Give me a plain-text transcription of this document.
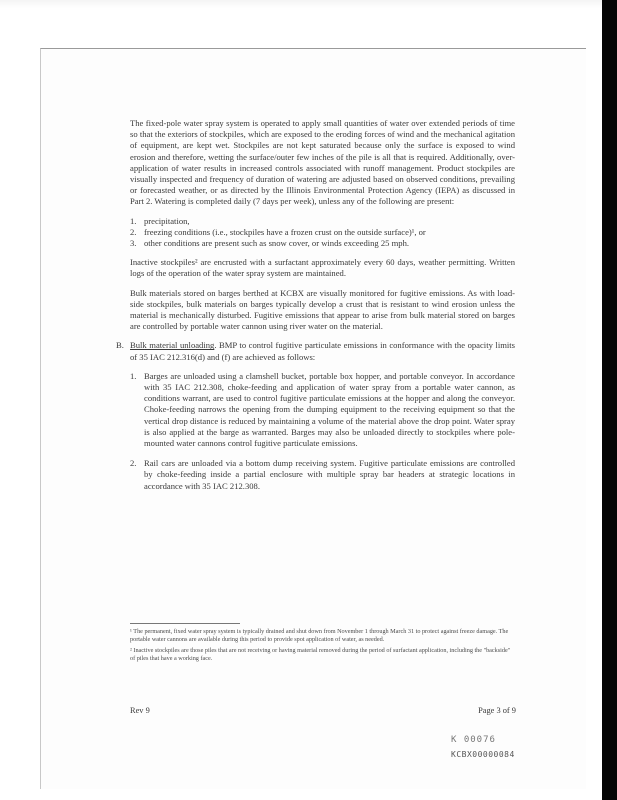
The fixed-pole water spray system is operated to apply small quantities of water over extended periods of time so that the exteriors of stockpiles, which are exposed to the eroding forces of wind and the mechanical agitation of equipment, are kept wet. Stockpiles are not kept saturated because only the surface is exposed to wind erosion and therefore, wetting the surface/outer few inches of the pile is all that is required. Additionally, over-application of water results in increased controls associated with runoff management. Product stockpiles are visually inspected and frequency of duration of watering are adjusted based on observed conditions, prevailing or forecasted weather, or as directed by the Illinois Environmental Protection Agency (IEPA) as discussed in Part 2. Watering is completed daily (7 days per week), unless any of the following are present:

1. precipitation,
2. freezing conditions (i.e., stockpiles have a frozen crust on the outside surface)¹, or
3. other conditions are present such as snow cover, or winds exceeding 25 mph.

Inactive stockpiles² are encrusted with a surfactant approximately every 60 days, weather permitting. Written logs of the operation of the water spray system are maintained.

Bulk materials stored on barges berthed at KCBX are visually monitored for fugitive emissions. As with load-side stockpiles, bulk materials on barges typically develop a crust that is resistant to wind erosion unless the material is mechanically disturbed. Fugitive emissions that appear to arise from bulk material stored on barges are controlled by portable water cannon using river water on the material.

B. Bulk material unloading. BMP to control fugitive particulate emissions in conformance with the opacity limits of 35 IAC 212.316(d) and (f) are achieved as follows:
1. Barges are unloaded using a clamshell bucket, portable box hopper, and portable conveyor. In accordance with 35 IAC 212.308, choke-feeding and application of water spray from a portable water cannon, as conditions warrant, are used to control fugitive particulate emissions at the hopper and along the conveyor. Choke-feeding narrows the opening from the dumping equipment to the receiving equipment so that the vertical drop distance is reduced by maintaining a volume of the material above the drop point. Water spray is also applied at the barge as warranted. Barges may also be unloaded directly to stockpiles where pole-mounted water cannons control fugitive particulate emissions.
2. Rail cars are unloaded via a bottom dump receiving system. Fugitive particulate emissions are controlled by choke-feeding inside a partial enclosure with multiple spray bar headers at strategic locations in accordance with 35 IAC 212.308.
¹ The permanent, fixed water spray system is typically drained and shut down from November 1 through March 31 to protect against freeze damage. The portable water cannons are available during this period to provide spot application of water, as needed.
² Inactive stockpiles are those piles that are not receiving or having material removed during the period of surfactant application, including the "backside" of piles that have a working face.
Rev 9	Page 3 of 9
K 00076
KCBX00000084
